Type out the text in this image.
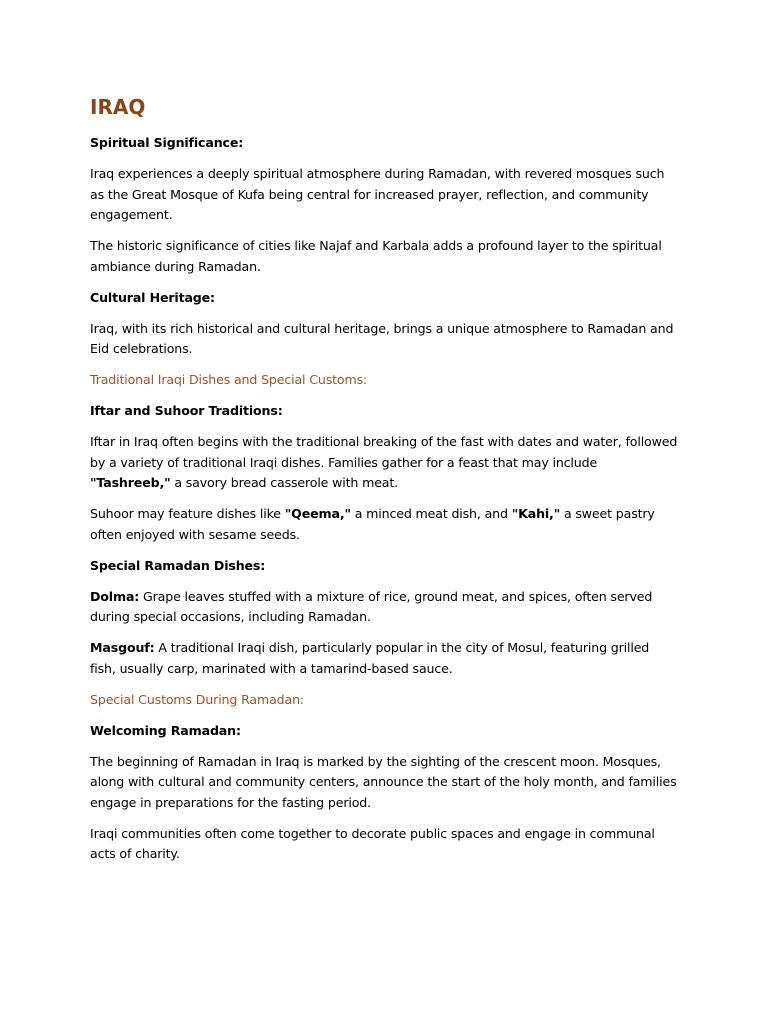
IRAQ
Spiritual Significance:
Iraq experiences a deeply spiritual atmosphere during Ramadan, with revered mosques such as the Great Mosque of Kufa being central for increased prayer, reflection, and community engagement.
The historic significance of cities like Najaf and Karbala adds a profound layer to the spiritual ambiance during Ramadan.
Cultural Heritage:
Iraq, with its rich historical and cultural heritage, brings a unique atmosphere to Ramadan and Eid celebrations.
Traditional Iraqi Dishes and Special Customs:
Iftar and Suhoor Traditions:
Iftar in Iraq often begins with the traditional breaking of the fast with dates and water, followed by a variety of traditional Iraqi dishes. Families gather for a feast that may include "Tashreeb," a savory bread casserole with meat.
Suhoor may feature dishes like "Qeema," a minced meat dish, and "Kahi," a sweet pastry often enjoyed with sesame seeds.
Special Ramadan Dishes:
Dolma: Grape leaves stuffed with a mixture of rice, ground meat, and spices, often served during special occasions, including Ramadan.
Masgouf: A traditional Iraqi dish, particularly popular in the city of Mosul, featuring grilled fish, usually carp, marinated with a tamarind-based sauce.
Special Customs During Ramadan:
Welcoming Ramadan:
The beginning of Ramadan in Iraq is marked by the sighting of the crescent moon. Mosques, along with cultural and community centers, announce the start of the holy month, and families engage in preparations for the fasting period.
Iraqi communities often come together to decorate public spaces and engage in communal acts of charity.
